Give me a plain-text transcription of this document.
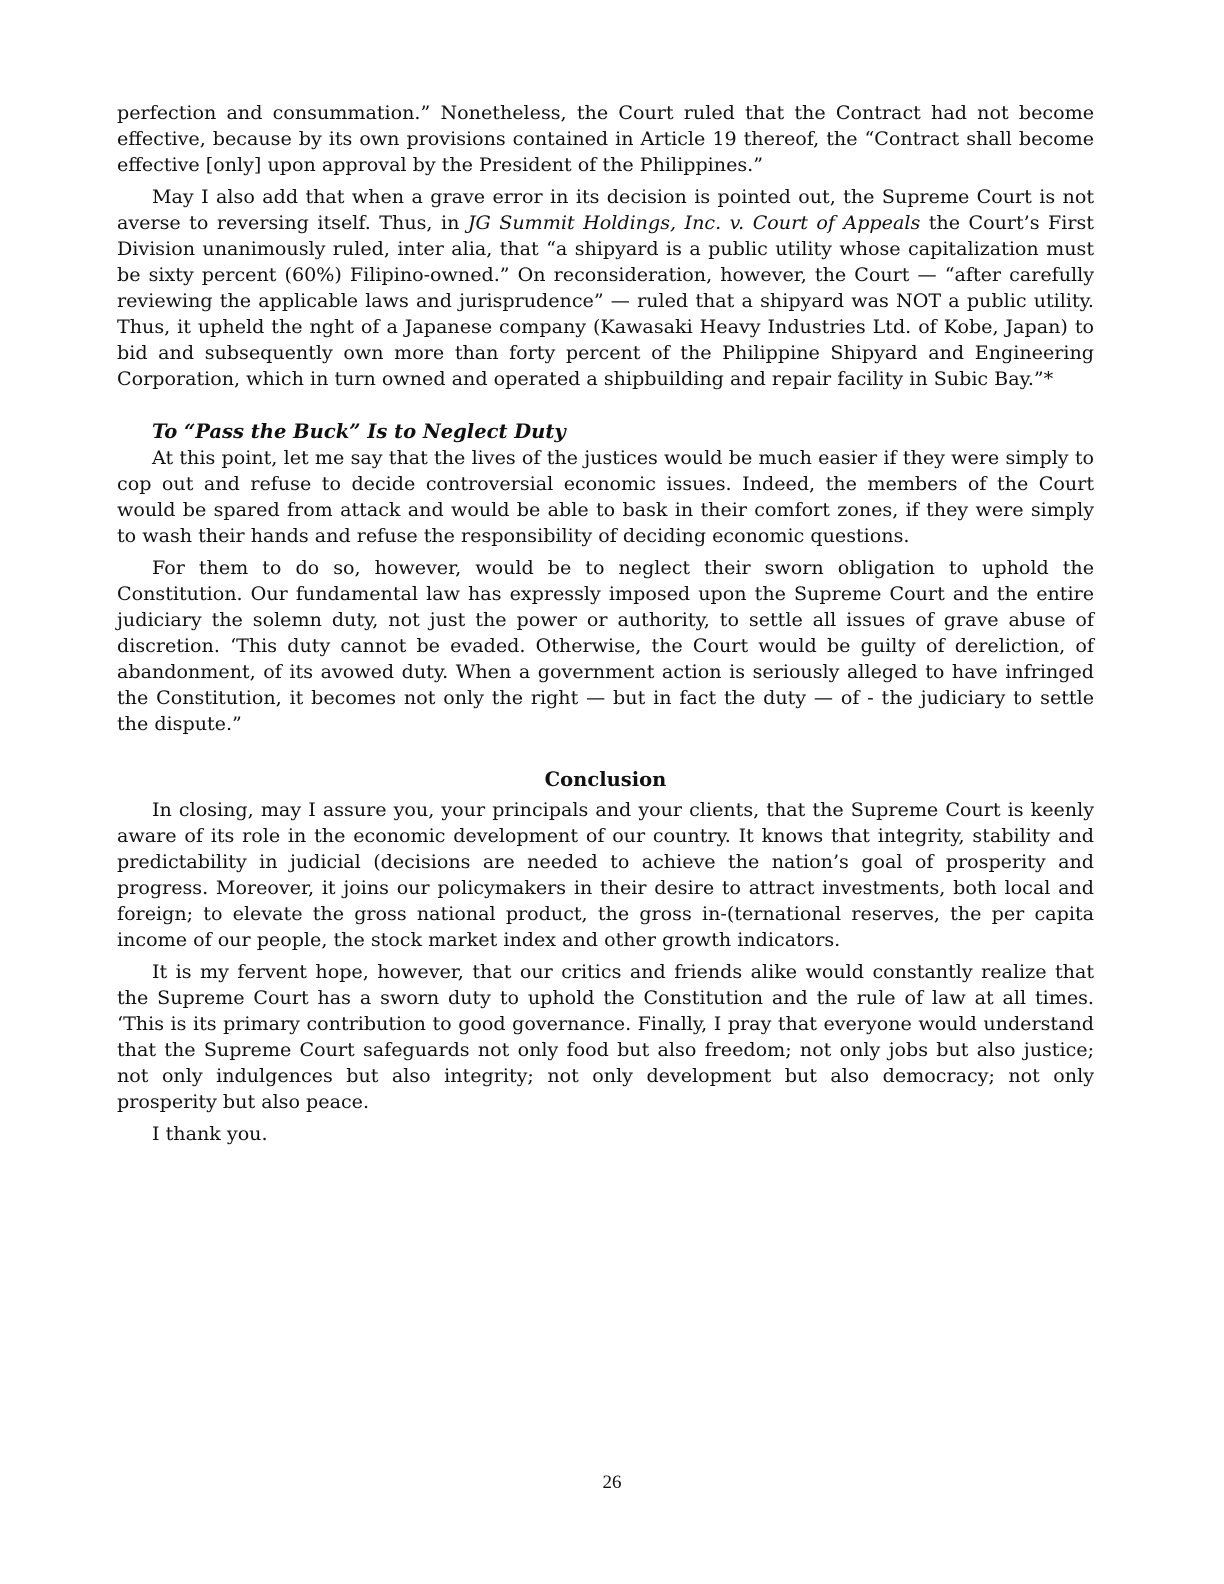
perfection and consummation.” Nonetheless, the Court ruled that the Contract had not become effective, because by its own provisions contained in Article 19 thereof, the “Contract shall become effective [only] upon approval by the President of the Philippines.”

May I also add that when a grave error in its decision is pointed out, the Supreme Court is not averse to reversing itself. Thus, in JG Summit Holdings, Inc. v. Court of Appeals the Court’s First Division unanimously ruled, inter alia, that “a shipyard is a public utility whose capitalization must be sixty percent (60%) Filipino-owned.” On reconsideration, however, the Court — “after carefully reviewing the applicable laws and jurisprudence” — ruled that a shipyard was NOT a public utility. Thus, it upheld the nght of a Japanese company (Kawasaki Heavy Industries Ltd. of Kobe, Japan) to bid and subsequently own more than forty percent of the Philippine Shipyard and Engineering Corporation, which in turn owned and operated a shipbuilding and repair facility in Subic Bay.”*

To “Pass the Buck” Is to Neglect Duty

At this point, let me say that the lives of the justices would be much easier if they were simply to cop out and refuse to decide controversial economic issues. Indeed, the members of the Court would be spared from attack and would be able to bask in their comfort zones, if they were simply to wash their hands and refuse the responsibility of deciding economic questions.

For them to do so, however, would be to neglect their sworn obligation to uphold the Constitution. Our fundamental law has expressly imposed upon the Supreme Court and the entire judiciary the solemn duty, not just the power or authority, to settle all issues of grave abuse of discretion. ‘This duty cannot be evaded. Otherwise, the Court would be guilty of dereliction, of abandonment, of its avowed duty. When a government action is seriously alleged to have infringed the Constitution, it becomes not only the right — but in fact the duty — of - the judiciary to settle the dispute.”

Conclusion

In closing, may I assure you, your principals and your clients, that the Supreme Court is keenly aware of its role in the economic development of our country. It knows that integrity, stability and predictability in judicial (decisions are needed to achieve the nation’s goal of prosperity and progress. Moreover, it joins our policymakers in their desire to attract investments, both local and foreign; to elevate the gross national product, the gross in-(ternational reserves, the per capita income of our people, the stock market index and other growth indicators.

It is my fervent hope, however, that our critics and friends alike would constantly realize that the Supreme Court has a sworn duty to uphold the Constitution and the rule of law at all times. ‘This is its primary contribution to good governance. Finally, I pray that everyone would understand that the Supreme Court safeguards not only food but also freedom; not only jobs but also justice; not only indulgences but also integrity; not only development but also democracy; not only prosperity but also peace.

I thank you.

26
